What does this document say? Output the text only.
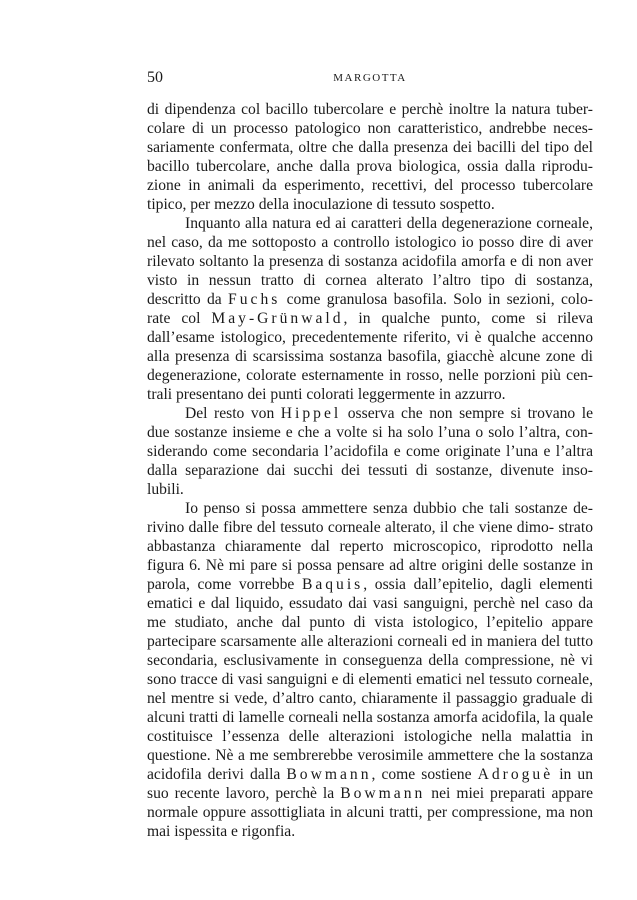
50	MARGOTTA

di dipendenza col bacillo tubercolare e perchè inoltre la natura tuber- colare di un processo patologico non caratteristico, andrebbe neces- sariamente confermata, oltre che dalla presenza dei bacilli del tipo del bacillo tubercolare, anche dalla prova biologica, ossia dalla riprodu- zione in animali da esperimento, recettivi, del processo tubercolare tipico, per mezzo della inoculazione di tessuto sospetto.

Inquanto alla natura ed ai caratteri della degenerazione corneale, nel caso, da me sottoposto a controllo istologico io posso dire di aver rilevato soltanto la presenza di sostanza acidofila amorfa e di non aver visto in nessun tratto di cornea alterato l’altro tipo di sostanza, descritto da Fuchs come granulosa basofila. Solo in sezioni, colo- rate col May-Grünwald, in qualche punto, come si rileva dall’esame istologico, precedentemente riferito, vi è qualche accenno alla presenza di scarsissima sostanza basofila, giacchè alcune zone di degenerazione, colorate esternamente in rosso, nelle porzioni più cen- trali presentano dei punti colorati leggermente in azzurro.

Del resto von Hippel osserva che non sempre si trovano le due sostanze insieme e che a volte si ha solo l’una o solo l’altra, con- siderando come secondaria l’acidofila e come originate l’una e l’altra dalla separazione dai succhi dei tessuti di sostanze, divenute inso- lubili.

Io penso si possa ammettere senza dubbio che tali sostanze de- rivino dalle fibre del tessuto corneale alterato, il che viene dimo- strato abbastanza chiaramente dal reperto microscopico, riprodotto nella figura 6. Nè mi pare si possa pensare ad altre origini delle sostanze in parola, come vorrebbe Baquis, ossia dall’epitelio, dagli elementi ematici e dal liquido, essudato dai vasi sanguigni, perchè nel caso da me studiato, anche dal punto di vista istologico, l’epitelio appare partecipare scarsamente alle alterazioni corneali ed in maniera del tutto secondaria, esclusivamente in conseguenza della compressione, nè vi sono tracce di vasi sanguigni e di elementi ematici nel tessuto corneale, nel mentre si vede, d’altro canto, chiaramente il passaggio graduale di alcuni tratti di lamelle corneali nella sostanza amorfa acidofila, la quale costituisce l’essenza delle alterazioni istologiche nella malattia in questione. Nè a me sembrerebbe verosimile ammettere che la sostanza acidofila derivi dalla Bowmann, come sostiene Adroguè in un suo recente lavoro, perchè la Bowmann nei miei preparati appare normale oppure assottigliata in alcuni tratti, per compressione, ma non mai ispessita e rigonfia.
